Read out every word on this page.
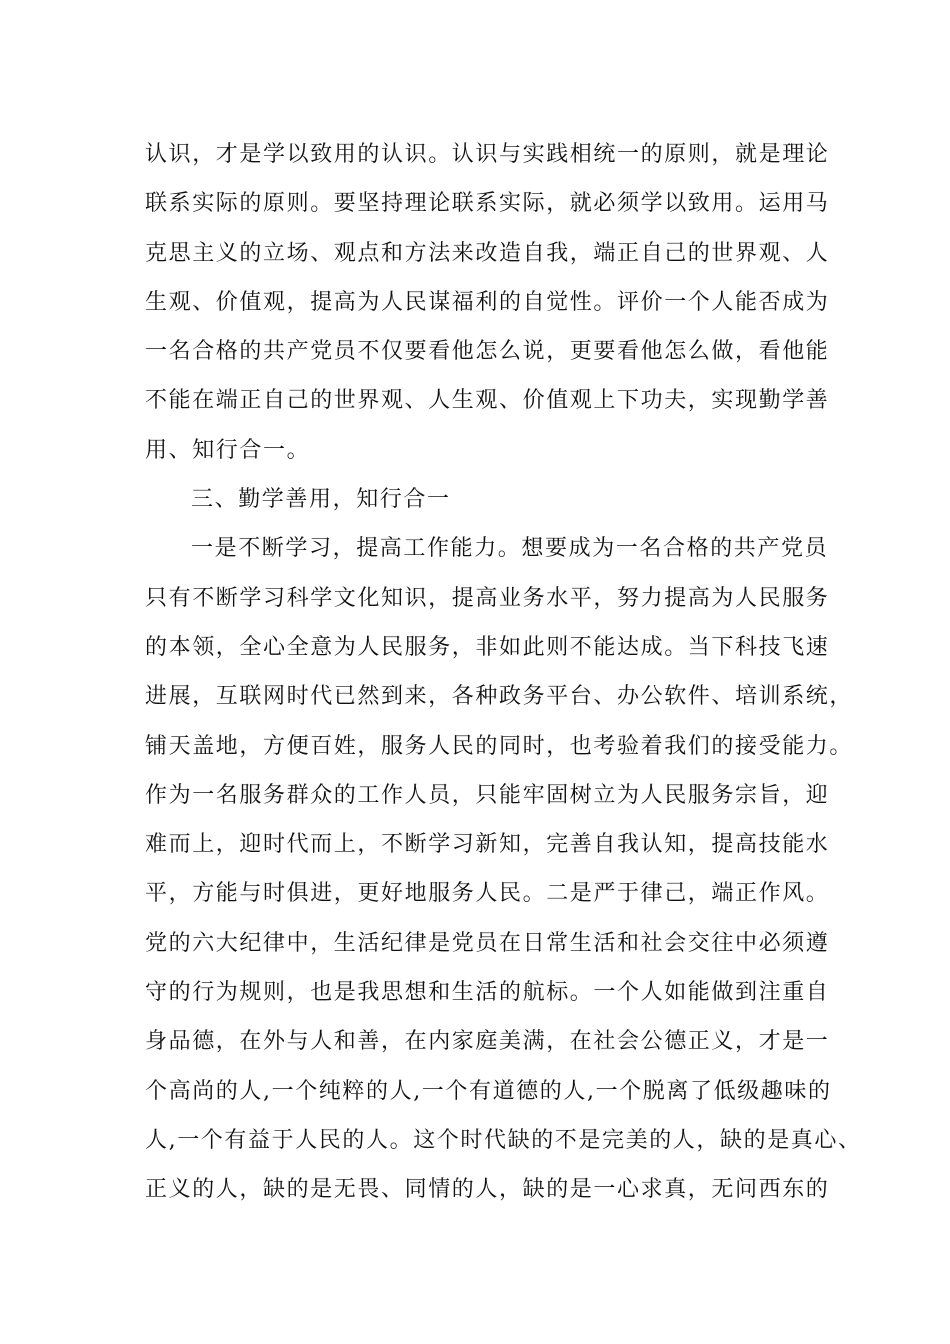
认识，才是学以致用的认识。认识与实践相统一的原则，就是理论
联系实际的原则。要坚持理论联系实际，就必须学以致用。运用马
克思主义的立场、观点和方法来改造自我，端正自己的世界观、人
生观、价值观，提高为人民谋福利的自觉性。评价一个人能否成为
一名合格的共产党员不仅要看他怎么说，更要看他怎么做，看他能
不能在端正自己的世界观、人生观、价值观上下功夫，实现勤学善
用、知行合一。
三、勤学善用，知行合一
一是不断学习，提高工作能力。想要成为一名合格的共产党员
只有不断学习科学文化知识，提高业务水平，努力提高为人民服务
的本领，全心全意为人民服务，非如此则不能达成。当下科技飞速
进展，互联网时代已然到来，各种政务平台、办公软件、培训系统，
铺天盖地，方便百姓，服务人民的同时，也考验着我们的接受能力。
作为一名服务群众的工作人员，只能牢固树立为人民服务宗旨，迎
难而上，迎时代而上，不断学习新知，完善自我认知，提高技能水
平，方能与时俱进，更好地服务人民。二是严于律己，端正作风。
党的六大纪律中，生活纪律是党员在日常生活和社会交往中必须遵
守的行为规则，也是我思想和生活的航标。一个人如能做到注重自
身品德，在外与人和善，在内家庭美满，在社会公德正义，才是一
个高尚的人,一个纯粹的人,一个有道德的人,一个脱离了低级趣味的
人,一个有益于人民的人。这个时代缺的不是完美的人，缺的是真心、
正义的人，缺的是无畏、同情的人，缺的是一心求真，无问西东的
